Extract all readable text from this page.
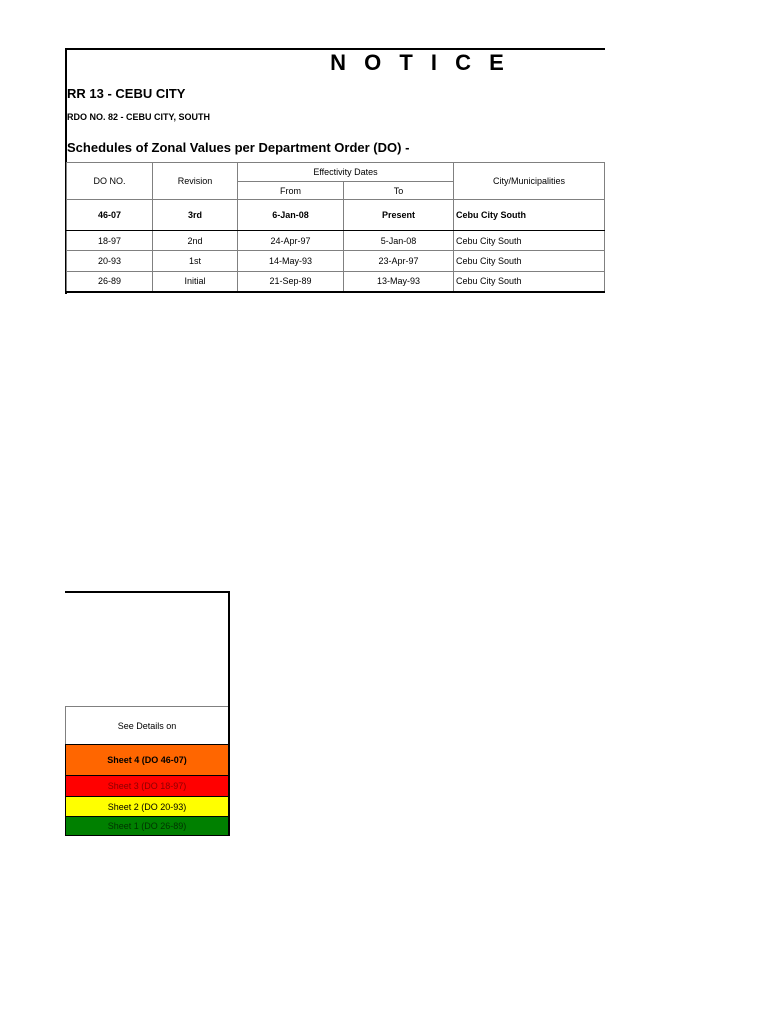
N O T I C E
RR 13 - CEBU CITY
RDO NO. 82 - CEBU CITY, SOUTH
Schedules of Zonal Values per Department Order (DO) -
DO NO.	Revision	Effectivity Dates		City/Municipalities
		From	To	
46-07	3rd	6-Jan-08	Present	Cebu City South
18-97	2nd	24-Apr-97	5-Jan-08	Cebu City South
20-93	1st	14-May-93	23-Apr-97	Cebu City South
26-89	Initial	21-Sep-89	13-May-93	Cebu City South
See Details on
Sheet 4 (DO 46-07)
Sheet 3 (DO 18-97)
Sheet 2 (DO 20-93)
Sheet 1 (DO 26-89)
